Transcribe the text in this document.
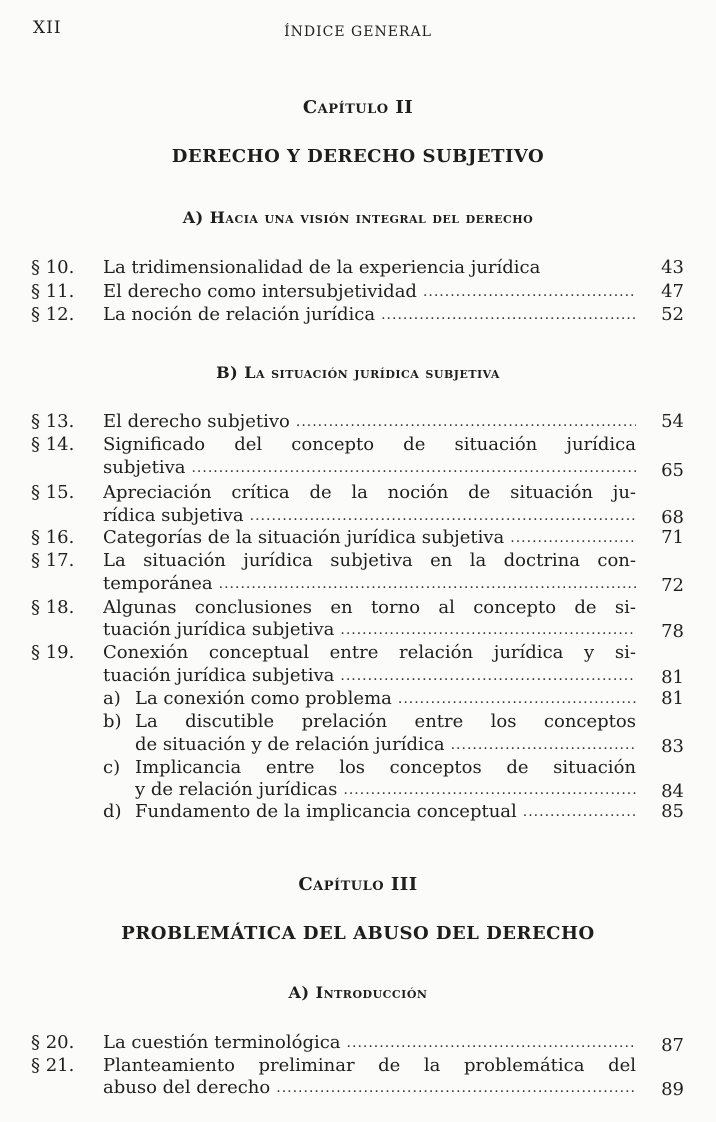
XII	ÍNDICE GENERAL
Capítulo II
DERECHO Y DERECHO SUBJETIVO
A) Hacia una visión integral del derecho
§ 10.	La tridimensionalidad de la experiencia jurídica	43
§ 11.	El derecho como intersubjetividad .....	47
§ 12.	La noción de relación jurídica .....	52
B) La situación jurídica subjetiva
§ 13.	El derecho subjetivo .....	54
§ 14.	Significado del concepto de situación jurídica
subjetiva .....	65
§ 15.	Apreciación crítica de la noción de situación ju-
rídica subjetiva .....	68
§ 16.	Categorías de la situación jurídica subjetiva .....	71
§ 17.	La situación jurídica subjetiva en la doctrina con-
temporánea .....	72
§ 18.	Algunas conclusiones en torno al concepto de si-
tuación jurídica subjetiva .....	78
§ 19.	Conexión conceptual entre relación jurídica y si-
tuación jurídica subjetiva .....	81
a) La conexión como problema .....	81
b) La discutible prelación entre los conceptos
de situación y de relación jurídica .....	83
c) Implicancia entre los conceptos de situación
y de relación jurídicas .....	84
d) Fundamento de la implicancia conceptual .....	85
Capítulo III
PROBLEMÁTICA DEL ABUSO DEL DERECHO
A) Introducción
§ 20.	La cuestión terminológica .....	87
§ 21.	Planteamiento preliminar de la problemática del
abuso del derecho .....	89
